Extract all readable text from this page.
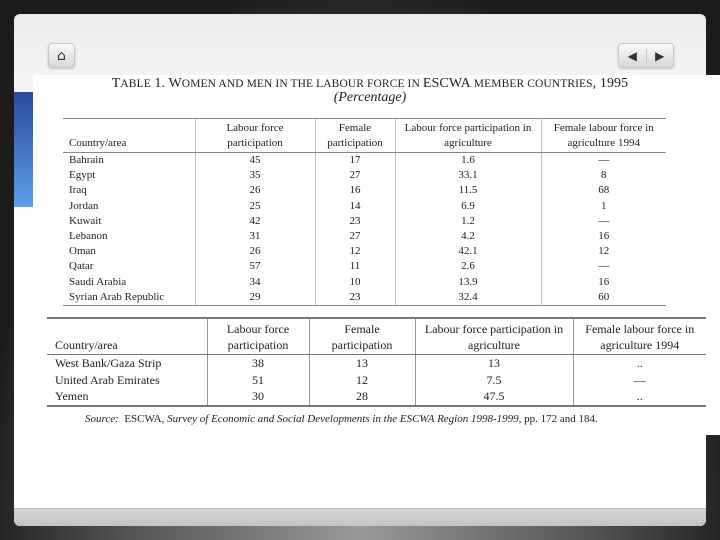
⌂	◀	▶
TABLE 1. WOMEN AND MEN IN THE LABOUR FORCE IN ESCWA MEMBER COUNTRIES, 1995
(Percentage)
Country/area	Labour force participation	Female participation	Labour force participation in agriculture	Female labour force in agriculture 1994
Bahrain	45	17	1.6	—
Egypt	35	27	33.1	8
Iraq	26	16	11.5	68
Jordan	25	14	6.9	1
Kuwait	42	23	1.2	—
Lebanon	31	27	4.2	16
Oman	26	12	42.1	12
Qatar	57	11	2.6	—
Saudi Arabia	34	10	13.9	16
Syrian Arab Republic	29	23	32.4	60
Country/area	Labour force participation	Female participation	Labour force participation in agriculture	Female labour force in agriculture 1994
West Bank/Gaza Strip	38	13	13	..
United Arab Emirates	51	12	7.5	—
Yemen	30	28	47.5	..
Source: ESCWA, Survey of Economic and Social Developments in the ESCWA Region 1998-1999, pp. 172 and 184.
